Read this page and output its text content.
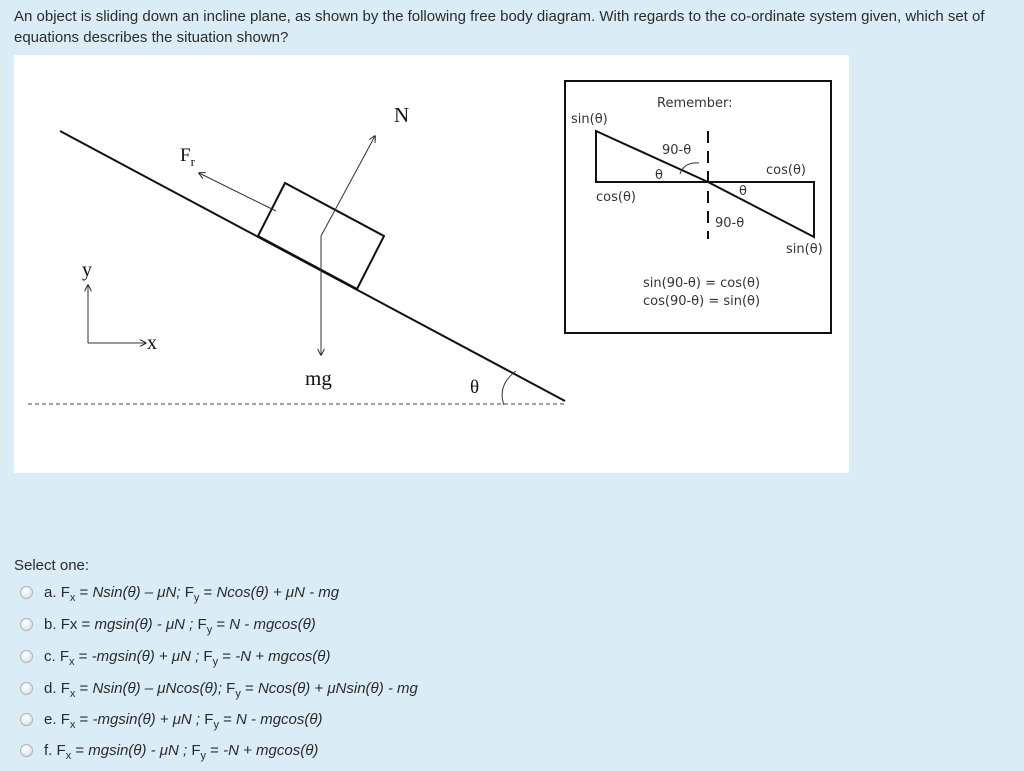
An object is sliding down an incline plane, as shown by the following free body diagram. With regards to the co-ordinate system given, which set of equations describes the situation shown?

N
$F_r$
mg	θ
y
x
Remember:
sin(θ)
90-θ
θ	cos(θ)
cos(θ)	θ
90-θ
sin(θ)
sin(90-θ) = cos(θ)
cos(90-θ) = sin(θ)
Select one:
a. $F_x = Nsin(\theta) - \mu N$; $F_y = Ncos(\theta) + \mu N$ - mg
b. Fx = mgsin(θ) - μN ; $F_y = N - mgcos(\theta)$
c. $F_x = -mgsin(\theta) + \mu N$ ; $F_y = -N + mgcos(\theta)$
d. $F_x = Nsin(\theta) - \mu Ncos(\theta)$; $F_y = Ncos(\theta) + \mu Nsin(\theta)$ - mg
e. $F_x = -mgsin(\theta) + \mu N$ ; $F_y = N - mgcos(\theta)$
f. $F_x = mgsin(\theta) - \mu N$ ; $F_y = -N + mgcos(\theta)$
